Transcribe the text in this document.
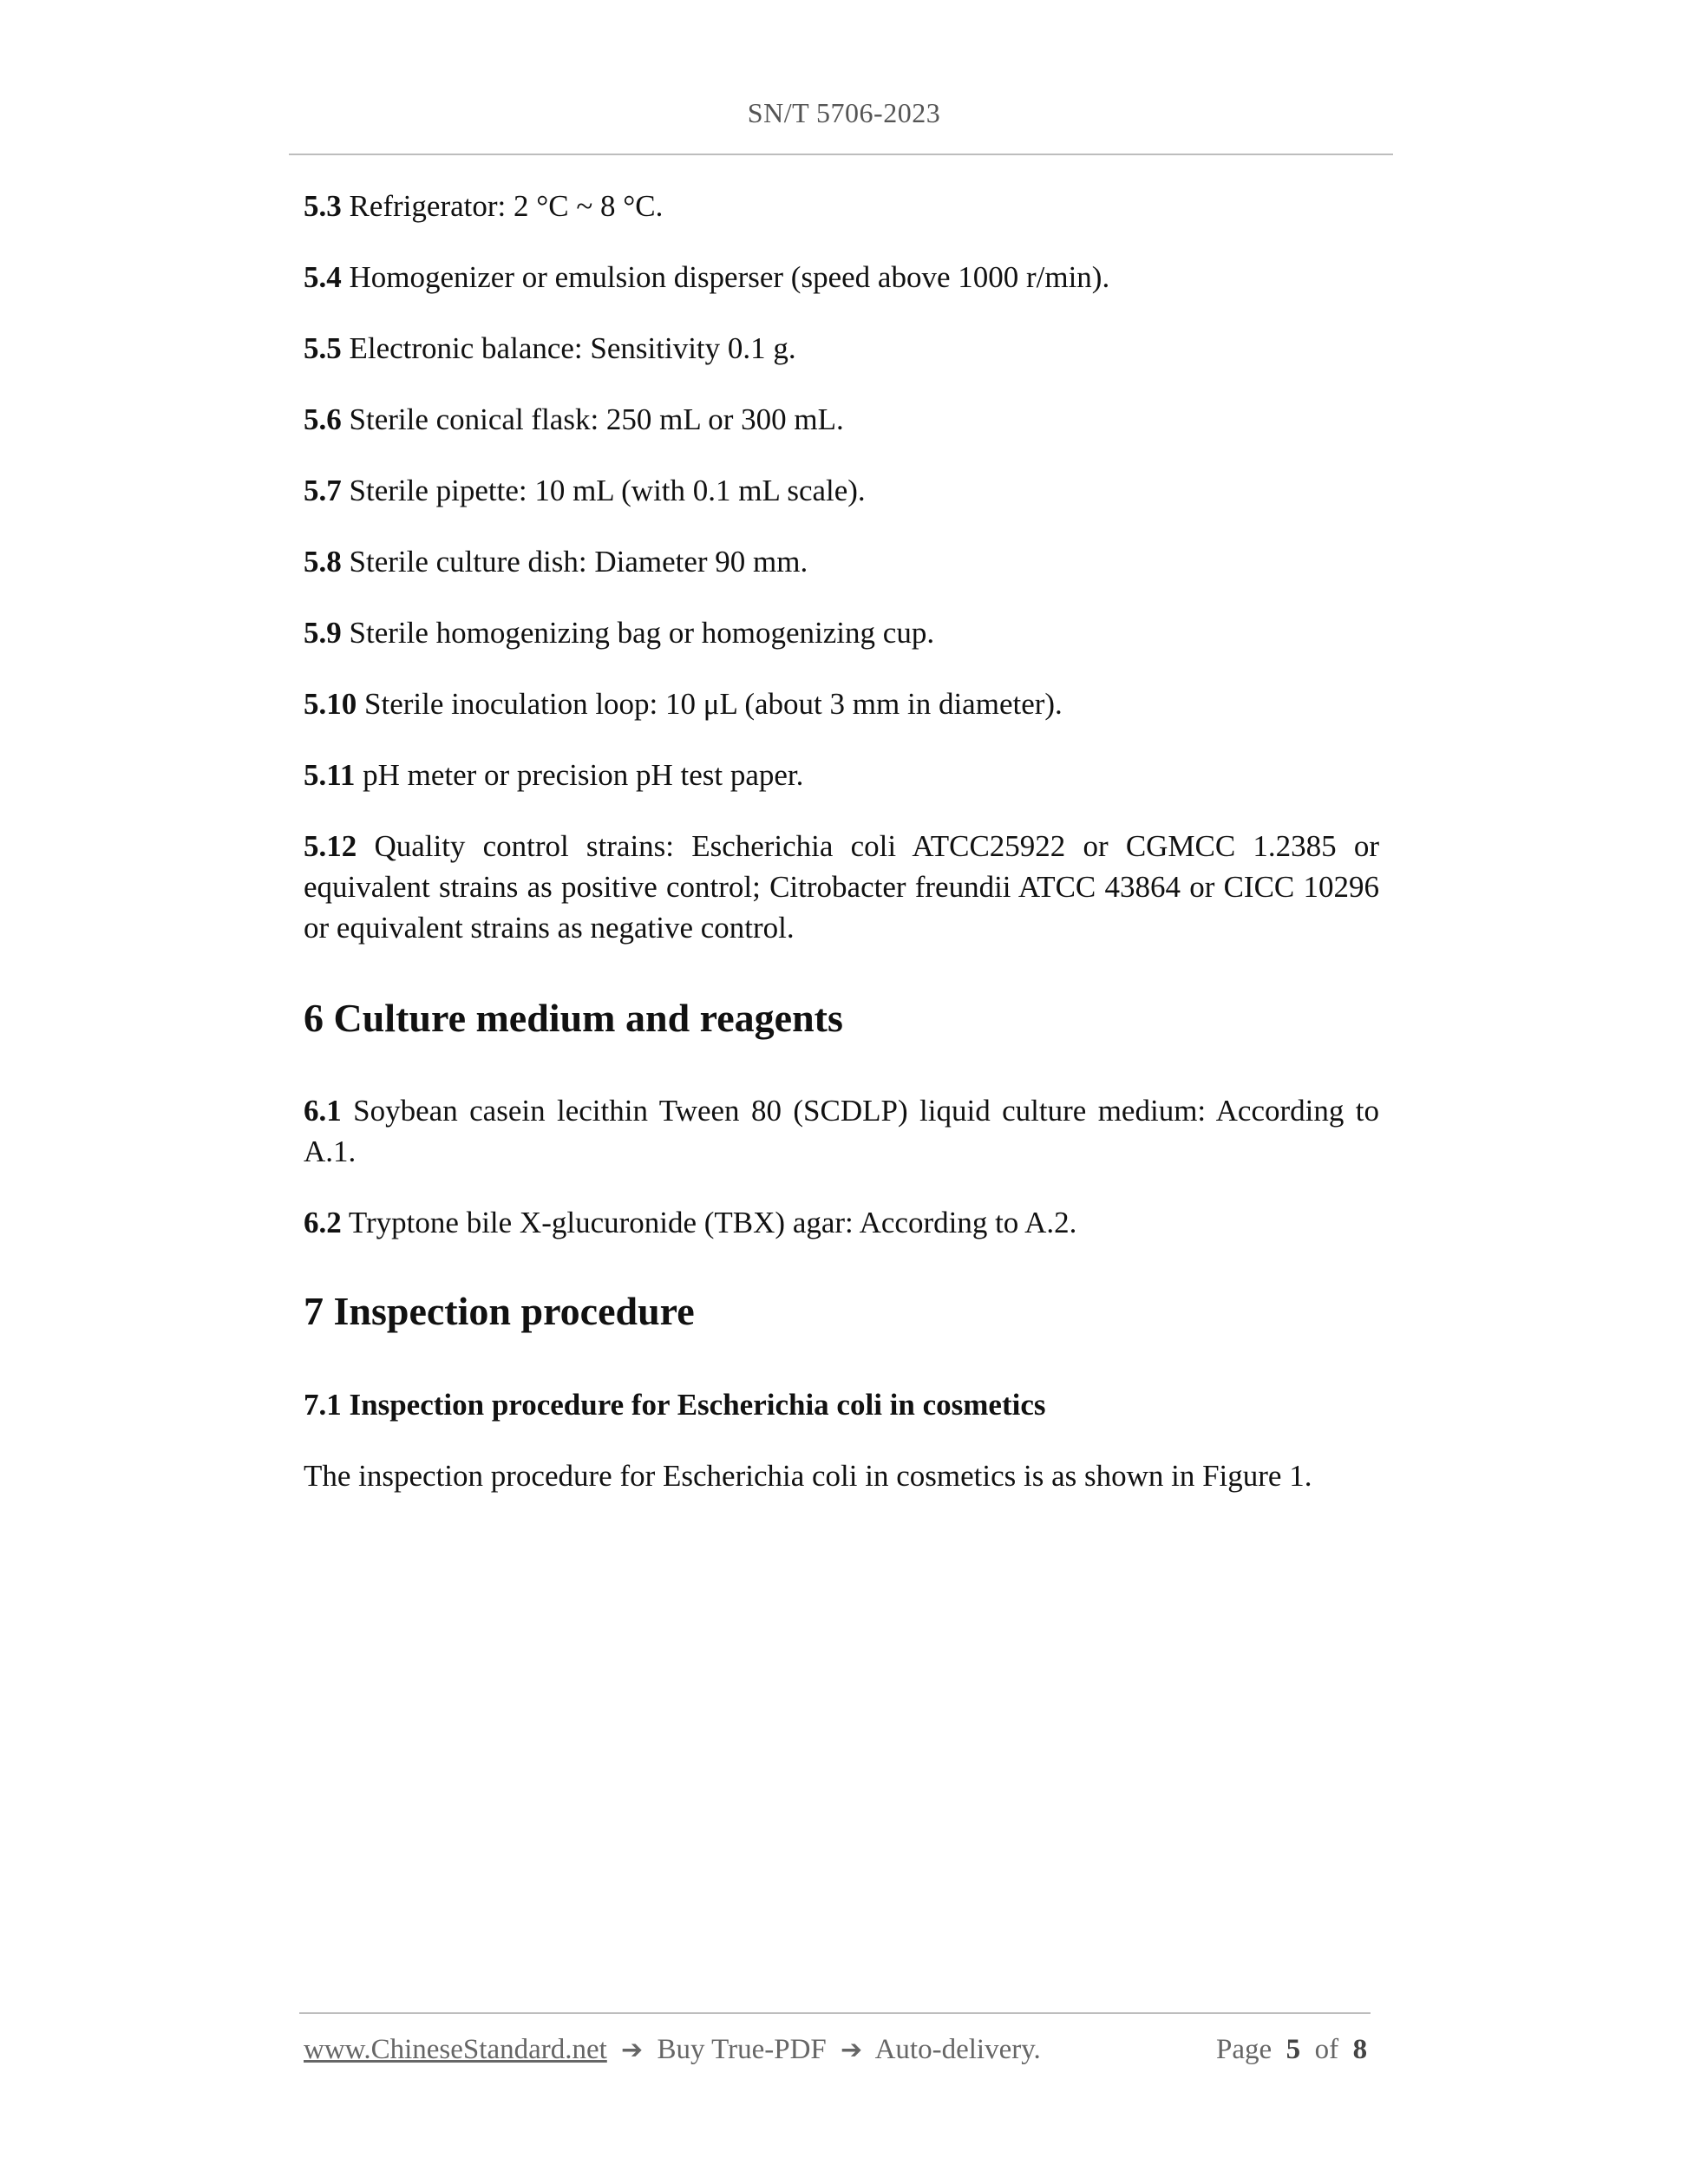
SN/T 5706-2023
5.3 Refrigerator: 2 °C ~ 8 °C.
5.4 Homogenizer or emulsion disperser (speed above 1000 r/min).
5.5 Electronic balance: Sensitivity 0.1 g.
5.6 Sterile conical flask: 250 mL or 300 mL.
5.7 Sterile pipette: 10 mL (with 0.1 mL scale).
5.8 Sterile culture dish: Diameter 90 mm.
5.9 Sterile homogenizing bag or homogenizing cup.
5.10 Sterile inoculation loop: 10 μL (about 3 mm in diameter).
5.11 pH meter or precision pH test paper.
5.12 Quality control strains: Escherichia coli ATCC25922 or CGMCC 1.2385 or equivalent strains as positive control; Citrobacter freundii ATCC 43864 or CICC 10296 or equivalent strains as negative control.
6 Culture medium and reagents
6.1 Soybean casein lecithin Tween 80 (SCDLP) liquid culture medium: According to A.1.
6.2 Tryptone bile X-glucuronide (TBX) agar: According to A.2.
7 Inspection procedure
7.1 Inspection procedure for Escherichia coli in cosmetics
The inspection procedure for Escherichia coli in cosmetics is as shown in Figure 1.
www.ChineseStandard.net ➔ Buy True-PDF ➔ Auto-delivery.	Page 5 of 8
